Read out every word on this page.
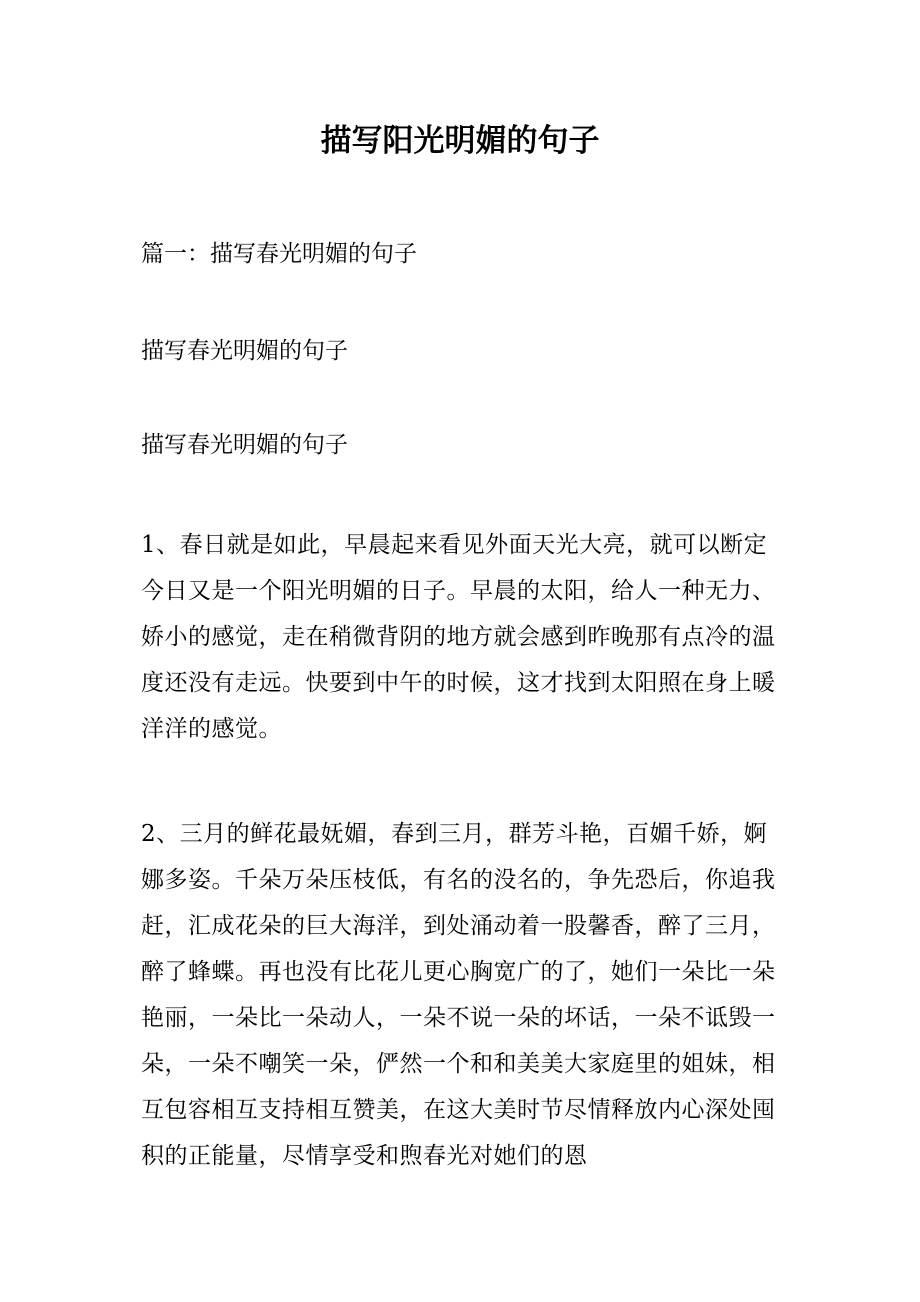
描写阳光明媚的句子

篇一：描写春光明媚的句子

描写春光明媚的句子

描写春光明媚的句子

1、春日就是如此，早晨起来看见外面天光大亮，就可以断定今日又是一个阳光明媚的日子。早晨的太阳，给人一种无力、娇小的感觉，走在稍微背阴的地方就会感到昨晚那有点冷的温度还没有走远。快要到中午的时候，这才找到太阳照在身上暖洋洋的感觉。

2、三月的鲜花最妩媚，春到三月，群芳斗艳，百媚千娇，婀娜多姿。千朵万朵压枝低，有名的没名的，争先恐后，你追我赶，汇成花朵的巨大海洋，到处涌动着一股馨香，醉了三月，醉了蜂蝶。再也没有比花儿更心胸宽广的了，她们一朵比一朵艳丽，一朵比一朵动人，一朵不说一朵的坏话，一朵不诋毁一朵，一朵不嘲笑一朵，俨然一个和和美美大家庭里的姐妹，相互包容相互支持相互赞美，在这大美时节尽情释放内心深处囤积的正能量，尽情享受和煦春光对她们的恩
